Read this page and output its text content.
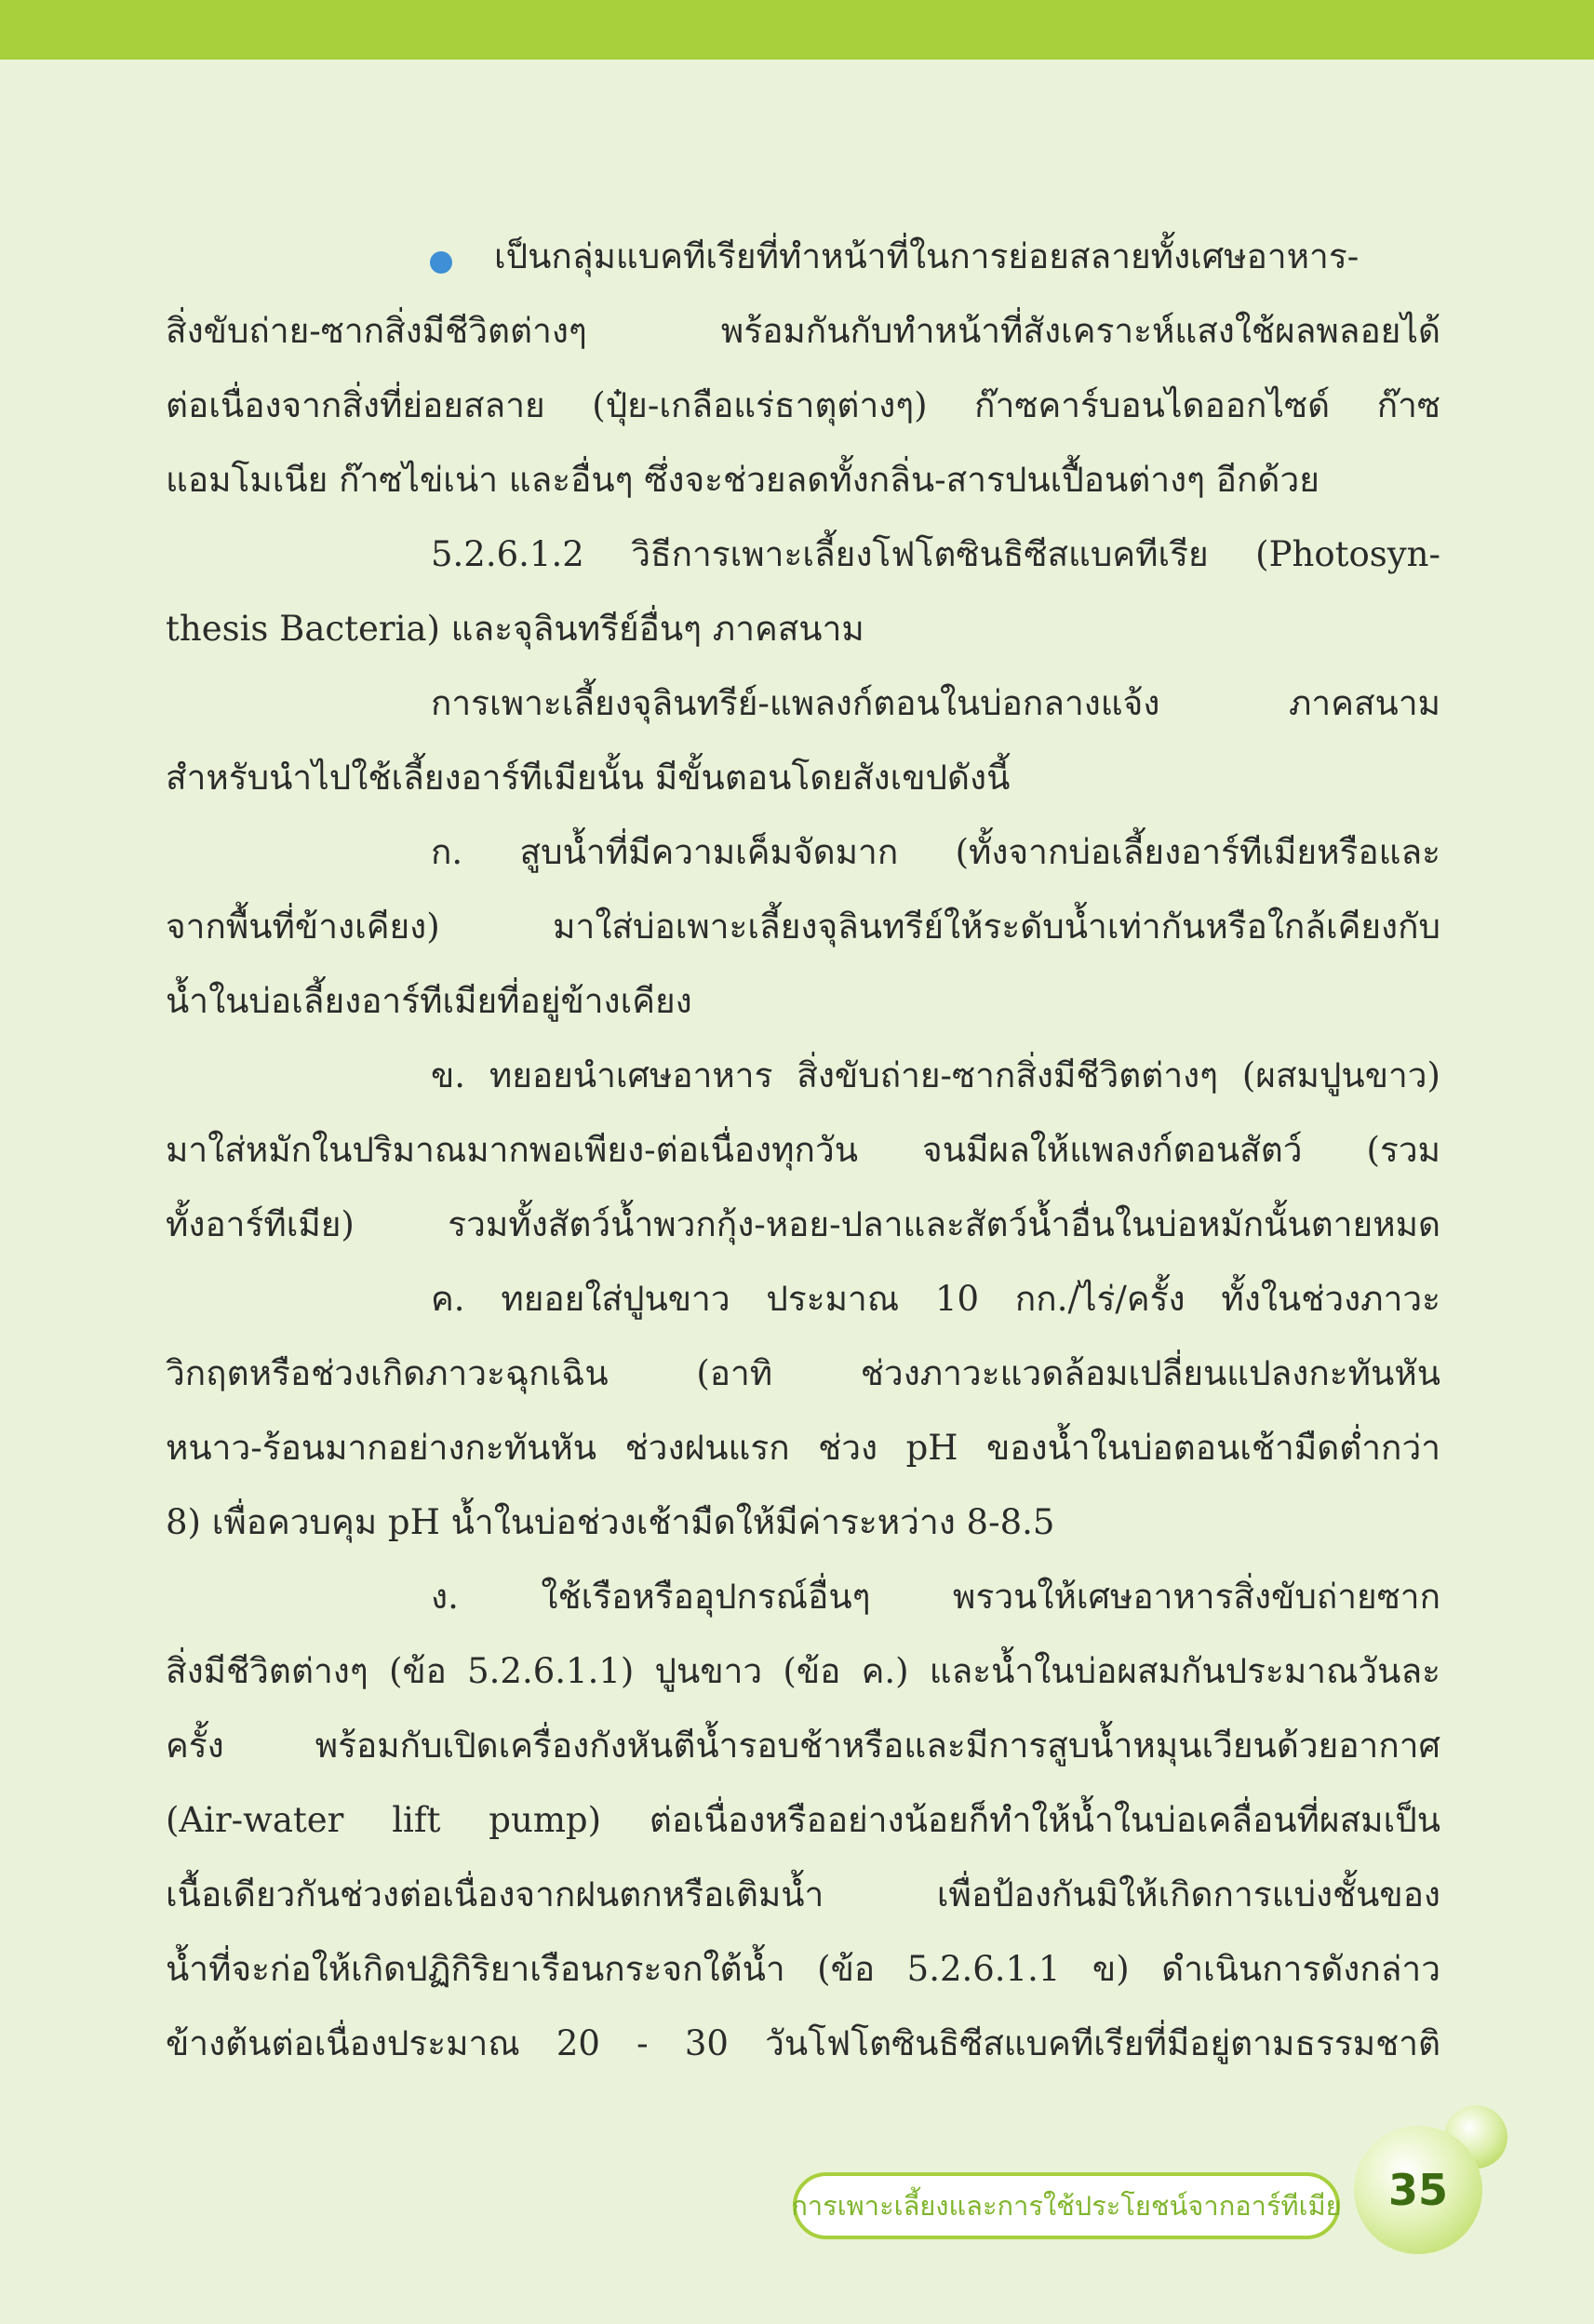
เป็นกลุ่มแบคทีเรียที่ทำหน้าที่ในการย่อยสลายทั้งเศษอาหาร-
สิ่งขับถ่าย-ซากสิ่งมีชีวิตต่างๆ พร้อมกันกับทำหน้าที่สังเคราะห์แสงใช้ผลพลอยได้
ต่อเนื่องจากสิ่งที่ย่อยสลาย (ปุ๋ย-เกลือแร่ธาตุต่างๆ) ก๊าซคาร์บอนไดออกไซด์ ก๊าซ
แอมโมเนีย ก๊าซไข่เน่า และอื่นๆ ซึ่งจะช่วยลดทั้งกลิ่น-สารปนเปื้อนต่างๆ อีกด้วย
5.2.6.1.2 วิธีการเพาะเลี้ยงโฟโตซินธิซีสแบคทีเรีย (Photosyn-
thesis Bacteria) และจุลินทรีย์อื่นๆ ภาคสนาม
การเพาะเลี้ยงจุลินทรีย์-แพลงก์ตอนในบ่อกลางแจ้ง ภาคสนาม
สำหรับนำไปใช้เลี้ยงอาร์ทีเมียนั้น มีขั้นตอนโดยสังเขปดังนี้
ก. สูบน้ำที่มีความเค็มจัดมาก (ทั้งจากบ่อเลี้ยงอาร์ทีเมียหรือและ
จากพื้นที่ข้างเคียง) มาใส่บ่อเพาะเลี้ยงจุลินทรีย์ให้ระดับน้ำเท่ากันหรือใกล้เคียงกับ
น้ำในบ่อเลี้ยงอาร์ทีเมียที่อยู่ข้างเคียง
ข. ทยอยนำเศษอาหาร สิ่งขับถ่าย-ซากสิ่งมีชีวิตต่างๆ (ผสมปูนขาว)
มาใส่หมักในปริมาณมากพอเพียง-ต่อเนื่องทุกวัน จนมีผลให้แพลงก์ตอนสัตว์ (รวม
ทั้งอาร์ทีเมีย) รวมทั้งสัตว์น้ำพวกกุ้ง-หอย-ปลาและสัตว์น้ำอื่นในบ่อหมักนั้นตายหมด
ค. ทยอยใส่ปูนขาว ประมาณ 10 กก./ไร่/ครั้ง ทั้งในช่วงภาวะ
วิกฤตหรือช่วงเกิดภาวะฉุกเฉิน (อาทิ ช่วงภาวะแวดล้อมเปลี่ยนแปลงกะทันหัน
หนาว-ร้อนมากอย่างกะทันหัน ช่วงฝนแรก ช่วง pH ของน้ำในบ่อตอนเช้ามืดต่ำกว่า
8) เพื่อควบคุม pH น้ำในบ่อช่วงเช้ามืดให้มีค่าระหว่าง 8-8.5
ง. ใช้เรือหรืออุปกรณ์อื่นๆ พรวนให้เศษอาหารสิ่งขับถ่ายซาก
สิ่งมีชีวิตต่างๆ (ข้อ 5.2.6.1.1) ปูนขาว (ข้อ ค.) และน้ำในบ่อผสมกันประมาณวันละ
ครั้ง พร้อมกับเปิดเครื่องกังหันตีน้ำรอบช้าหรือและมีการสูบน้ำหมุนเวียนด้วยอากาศ
(Air-water lift pump) ต่อเนื่องหรืออย่างน้อยก็ทำให้น้ำในบ่อเคลื่อนที่ผสมเป็น
เนื้อเดียวกันช่วงต่อเนื่องจากฝนตกหรือเติมน้ำ เพื่อป้องกันมิให้เกิดการแบ่งชั้นของ
น้ำที่จะก่อให้เกิดปฏิกิริยาเรือนกระจกใต้น้ำ (ข้อ 5.2.6.1.1 ข) ดำเนินการดังกล่าว
ข้างต้นต่อเนื่องประมาณ 20 - 30 วันโฟโตซินธิซีสแบคทีเรียที่มีอยู่ตามธรรมชาติ
การเพาะเลี้ยงและการใช้ประโยชน์จากอาร์ทีเมีย 35
